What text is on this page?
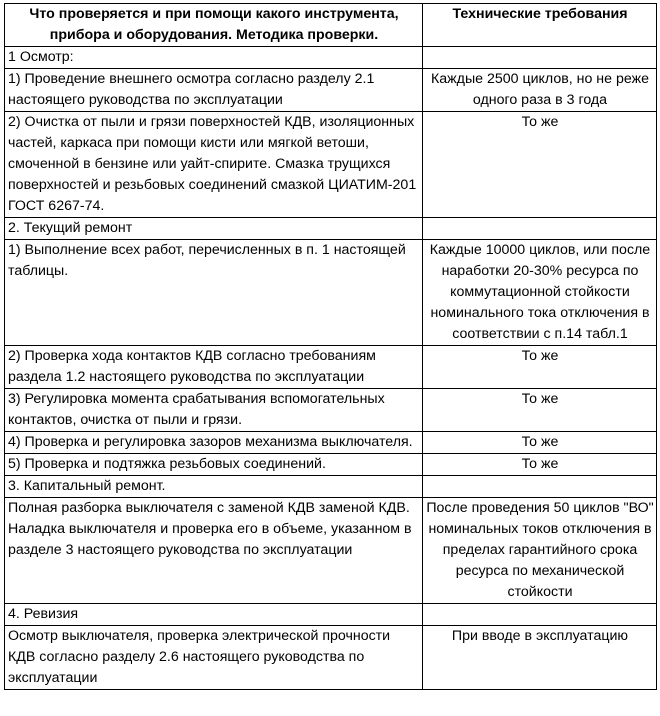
Что проверяется и при помощи какого инструмента, прибора и оборудования. Методика проверки.	Технические требования
1 Осмотр:	
1) Проведение внешнего осмотра согласно разделу 2.1 настоящего руководства по эксплуатации	Каждые 2500 циклов, но не реже одного раза в 3 года
2) Очистка от пыли и грязи поверхностей КДВ, изоляционных частей, каркаса при помощи кисти или мягкой ветоши, смоченной в бензине или уайт-спирите. Смазка трущихся поверхностей и резьбовых соединений смазкой ЦИАТИМ-201 ГОСТ 6267-74.	То же
2. Текущий ремонт	
1) Выполнение всех работ, перечисленных в п. 1 настоящей таблицы.	Каждые 10000 циклов, или после наработки 20-30% ресурса по коммутационной стойкости номинального тока отключения в соответствии с п.14 табл.1
2) Проверка хода контактов КДВ согласно требованиям раздела 1.2 настоящего руководства по эксплуатации	То же
3) Регулировка момента срабатывания вспомогательных контактов, очистка от пыли и грязи.	То же
4) Проверка и регулировка зазоров механизма выключателя.	То же
5) Проверка и подтяжка резьбовых соединений.	То же
3. Капитальный ремонт.	
Полная разборка выключателя с заменой КДВ заменой КДВ. Наладка выключателя и проверка его в объеме, указанном в разделе 3 настоящего руководства по эксплуатации	После проведения 50 циклов "ВО" номинальных токов отключения в пределах гарантийного срока ресурса по механической стойкости
4. Ревизия	
Осмотр выключателя, проверка электрической прочности КДВ согласно разделу 2.6 настоящего руководства по эксплуатации	При вводе в эксплуатацию
